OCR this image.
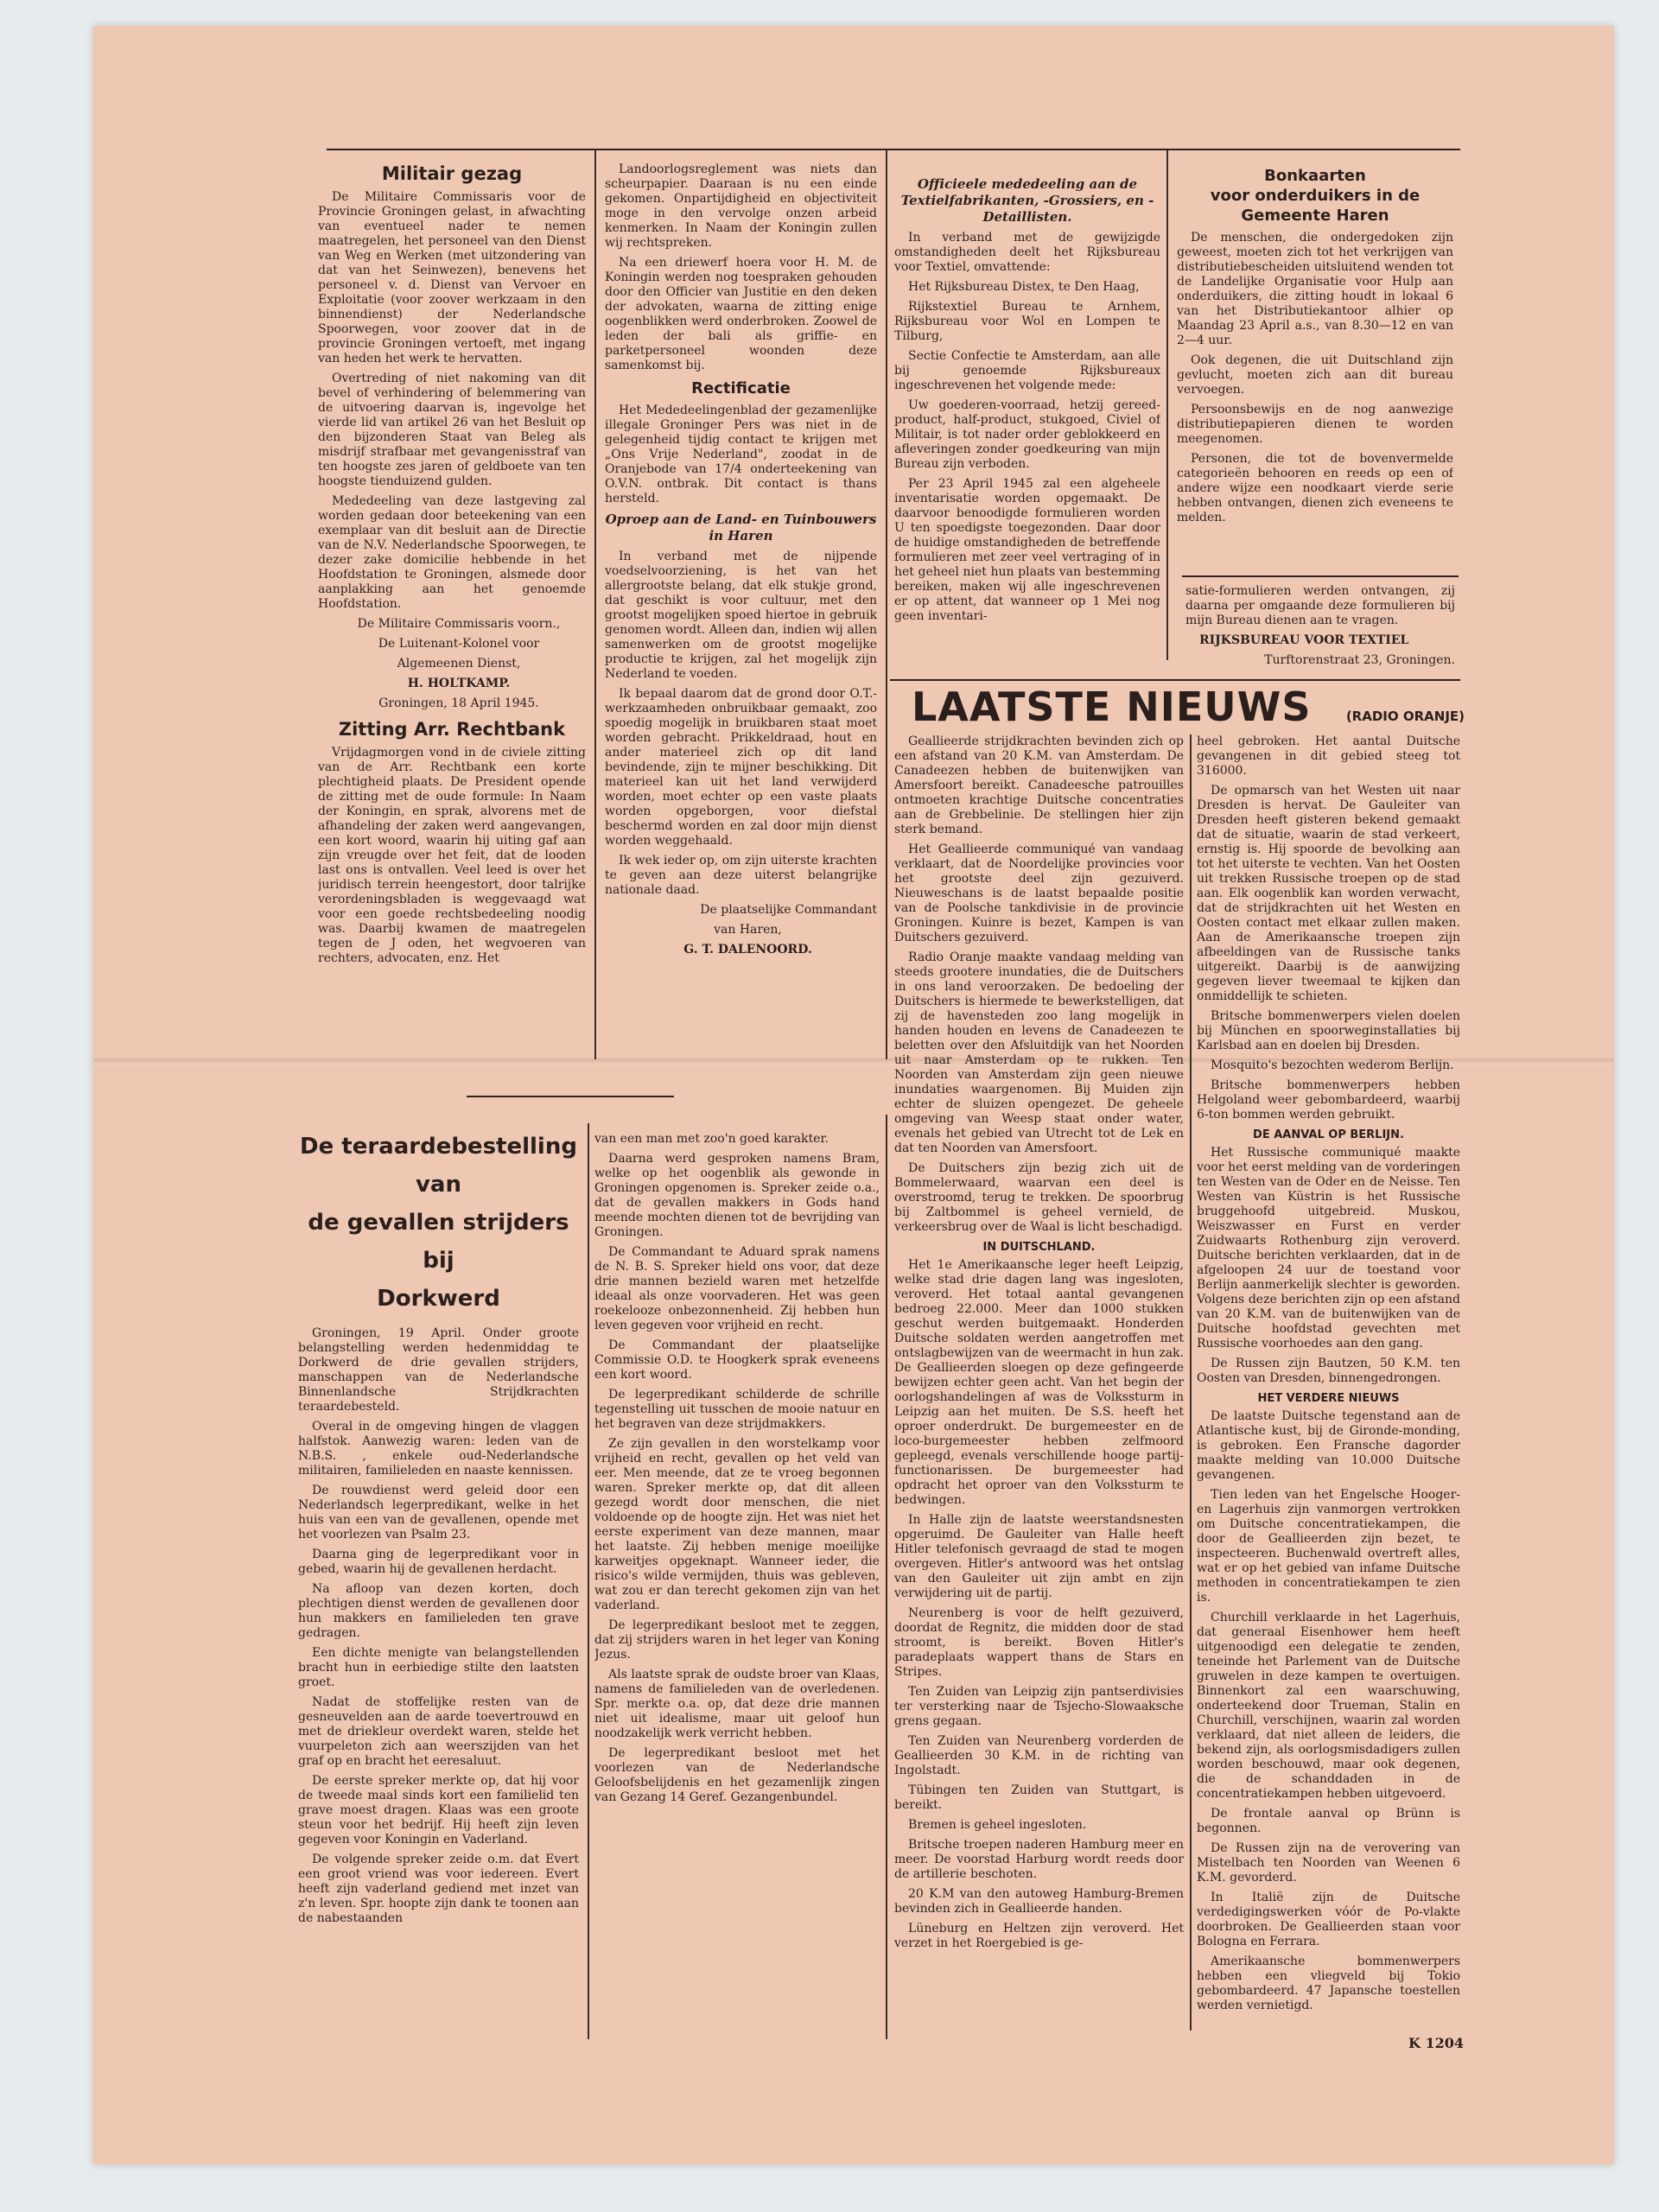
Militair gezag

De Militaire Commissaris voor de Provincie Groningen gelast, in afwachting van eventueel nader te nemen maatregelen, het personeel van den Dienst van Weg en Werken (met uitzondering van dat van het Seinwezen), benevens het personeel v. d. Dienst van Vervoer en Exploitatie (voor zoover werkzaam in den binnendienst) der Nederlandsche Spoorwegen, voor zoover dat in de provincie Groningen vertoeft, met ingang van heden het werk te hervatten.

Overtreding of niet nakoming van dit bevel of verhindering of belemmering van de uitvoering daarvan is, ingevolge het vierde lid van artikel 26 van het Besluit op den bijzonderen Staat van Beleg als misdrijf strafbaar met gevangenisstraf van ten hoogste zes jaren of geldboete van ten hoogste tienduizend gulden.

Mededeeling van deze lastgeving zal worden gedaan door beteekening van een exemplaar van dit besluit aan de Directie van de N.V. Nederlandsche Spoorwegen, te dezer zake domicilie hebbende in het Hoofdstation te Groningen, alsmede door aanplakking aan het genoemde Hoofdstation.

De Militaire Commissaris voorn.,

De Luitenant-Kolonel voor

Algemeenen Dienst,

H. HOLTKAMP.

Groningen, 18 April 1945.

Zitting Arr. Rechtbank

Vrijdagmorgen vond in de civiele zitting van de Arr. Rechtbank een korte plechtigheid plaats. De President opende de zitting met de oude formule: In Naam der Koningin, en sprak, alvorens met de afhandeling der zaken werd aangevangen, een kort woord, waarin hij uiting gaf aan zijn vreugde over het feit, dat de looden last ons is ontvallen. Veel leed is over het juridisch terrein heengestort, door talrijke verordeningsbladen is weggevaagd wat voor een goede rechtsbedeeling noodig was. Daarbij kwamen de maatregelen tegen de J oden, het wegvoeren van rechters, advocaten, enz. Het

Landoorlogsreglement was niets dan scheurpapier. Daaraan is nu een einde gekomen. Onpartijdigheid en objectiviteit moge in den vervolge onzen arbeid kenmerken. In Naam der Koningin zullen wij rechtspreken.

Na een driewerf hoera voor H. M. de Koningin werden nog toespraken gehouden door den Officier van Justitie en den deken der advokaten, waarna de zitting enige oogenblikken werd onderbroken. Zoowel de leden der bali als griffie- en parketpersoneel woonden deze samenkomst bij.

Rectificatie

Het Mededeelingenblad der gezamenlijke illegale Groninger Pers was niet in de gelegenheid tijdig contact te krijgen met „Ons Vrije Nederland", zoodat in de Oranjebode van 17/4 onderteekening van O.V.N. ontbrak. Dit contact is thans hersteld.

Oproep aan de Land- en Tuinbouwers in Haren

In verband met de nijpende voedselvoorziening, is het van het allergrootste belang, dat elk stukje grond, dat geschikt is voor cultuur, met den grootst mogelijken spoed hiertoe in gebruik genomen wordt. Alleen dan, indien wij allen samenwerken om de grootst mogelijke productie te krijgen, zal het mogelijk zijn Nederland te voeden.

Ik bepaal daarom dat de grond door O.T.-werkzaamheden onbruikbaar gemaakt, zoo spoedig mogelijk in bruikbaren staat moet worden gebracht. Prikkeldraad, hout en ander materieel zich op dit land bevindende, zijn te mijner beschikking. Dit materieel kan uit het land verwijderd worden, moet echter op een vaste plaats worden opgeborgen, voor diefstal beschermd worden en zal door mijn dienst worden weggehaald.

Ik wek ieder op, om zijn uiterste krachten te geven aan deze uiterst belangrijke nationale daad.

De plaatselijke Commandant

van Haren,

G. T. DALENOORD.

Officieele mededeeling aan de Textielfabrikanten, -Grossiers, en -Detaillisten.

In verband met de gewijzigde omstandigheden deelt het Rijksbureau voor Textiel, omvattende:

Het Rijksbureau Distex, te Den Haag,

Rijkstextiel Bureau te Arnhem, Rijksbureau voor Wol en Lompen te Tilburg,

Sectie Confectie te Amsterdam, aan alle bij genoemde Rijksbureaux ingeschrevenen het volgende mede:

Uw goederen-voorraad, hetzij gereed-product, half-product, stukgoed, Civiel of Militair, is tot nader order geblokkeerd en afleveringen zonder goedkeuring van mijn Bureau zijn verboden.

Per 23 April 1945 zal een algeheele inventarisatie worden opgemaakt. De daarvoor benoodigde formulieren worden U ten spoedigste toegezonden. Daar door de huidige omstandigheden de betreffende formulieren met zeer veel vertraging of in het geheel niet hun plaats van bestemming bereiken, maken wij alle ingeschrevenen er op attent, dat wanneer op 1 Mei nog geen inventari-

Bonkaarten
voor onderduikers in de
Gemeente Haren

De menschen, die ondergedoken zijn geweest, moeten zich tot het verkrijgen van distributiebescheiden uitsluitend wenden tot de Landelijke Organisatie voor Hulp aan onderduikers, die zitting houdt in lokaal 6 van het Distributiekantoor alhier op Maandag 23 April a.s., van 8.30—12 en van 2—4 uur.

Ook degenen, die uit Duitschland zijn gevlucht, moeten zich aan dit bureau vervoegen.

Persoonsbewijs en de nog aanwezige distributiepapieren dienen te worden meegenomen.

Personen, die tot de bovenvermelde categorieën behooren en reeds op een of andere wijze een noodkaart vierde serie hebben ontvangen, dienen zich eveneens te melden.

satie-formulieren werden ontvangen, zij daarna per omgaande deze formulieren bij mijn Bureau dienen aan te vragen.

RIJKSBUREAU VOOR TEXTIEL

Turftorenstraat 23, Groningen.

LAATSTE NIEUWS	(RADIO ORANJE)

Geallieerde strijdkrachten bevinden zich op een afstand van 20 K.M. van Amsterdam. De Canadeezen hebben de buitenwijken van Amersfoort bereikt. Canadeesche patrouilles ontmoeten krachtige Duitsche concentraties aan de Grebbelinie. De stellingen hier zijn sterk bemand.

Het Geallieerde communiqué van vandaag verklaart, dat de Noordelijke provincies voor het grootste deel zijn gezuiverd. Nieuweschans is de laatst bepaalde positie van de Poolsche tankdivisie in de provincie Groningen. Kuinre is bezet, Kampen is van Duitschers gezuiverd.

Radio Oranje maakte vandaag melding van steeds grootere inundaties, die de Duitschers in ons land veroorzaken. De bedoeling der Duitschers is hiermede te bewerkstelligen, dat zij de havensteden zoo lang mogelijk in handen houden en levens de Canadeezen te beletten over den Afsluitdijk van het Noorden uit naar Amsterdam op te rukken. Ten Noorden van Amsterdam zijn geen nieuwe inundaties waargenomen. Bij Muiden zijn echter de sluizen opengezet. De geheele omgeving van Weesp staat onder water, evenals het gebied van Utrecht tot de Lek en dat ten Noorden van Amersfoort.

De Duitschers zijn bezig zich uit de Bommelerwaard, waarvan een deel is overstroomd, terug te trekken. De spoorbrug bij Zaltbommel is geheel vernield, de verkeersbrug over de Waal is licht beschadigd.

IN DUITSCHLAND.

Het 1e Amerikaansche leger heeft Leipzig, welke stad drie dagen lang was ingesloten, veroverd. Het totaal aantal gevangenen bedroeg 22.000. Meer dan 1000 stukken geschut werden buitgemaakt. Honderden Duitsche soldaten werden aangetroffen met ontslagbewijzen van de weermacht in hun zak. De Geallieerden sloegen op deze gefingeerde bewijzen echter geen acht. Van het begin der oorlogshandelingen af was de Volkssturm in Leipzig aan het muiten. De S.S. heeft het oproer onderdrukt. De burgemeester en de loco-burgemeester hebben zelfmoord gepleegd, evenals verschillende hooge partij-functionarissen. De burgemeester had opdracht het oproer van den Volkssturm te bedwingen.

In Halle zijn de laatste weerstandsnesten opgeruimd. De Gauleiter van Halle heeft Hitler telefonisch gevraagd de stad te mogen overgeven. Hitler's antwoord was het ontslag van den Gauleiter uit zijn ambt en zijn verwijdering uit de partij.

Neurenberg is voor de helft gezuiverd, doordat de Regnitz, die midden door de stad stroomt, is bereikt. Boven Hitler's paradeplaats wappert thans de Stars en Stripes.

Ten Zuiden van Leipzig zijn pantserdivisies ter versterking naar de Tsjecho-Slowaaksche grens gegaan.

Ten Zuiden van Neurenberg vorderden de Geallieerden 30 K.M. in de richting van Ingolstadt.

Tübingen ten Zuiden van Stuttgart, is bereikt.

Bremen is geheel ingesloten.

Britsche troepen naderen Hamburg meer en meer. De voorstad Harburg wordt reeds door de artillerie beschoten.

20 K.M van den autoweg Hamburg-Bremen bevinden zich in Geallieerde handen.

Lüneburg en Heltzen zijn veroverd. Het verzet in het Roergebied is ge-

heel gebroken. Het aantal Duitsche gevangenen in dit gebied steeg tot 316000.

De opmarsch van het Westen uit naar Dresden is hervat. De Gauleiter van Dresden heeft gisteren bekend gemaakt dat de situatie, waarin de stad verkeert, ernstig is. Hij spoorde de bevolking aan tot het uiterste te vechten. Van het Oosten uit trekken Russische troepen op de stad aan. Elk oogenblik kan worden verwacht, dat de strijdkrachten uit het Westen en Oosten contact met elkaar zullen maken. Aan de Amerikaansche troepen zijn afbeeldingen van de Russische tanks uitgereikt. Daarbij is de aanwijzing gegeven liever tweemaal te kijken dan onmiddellijk te schieten.

Britsche bommenwerpers vielen doelen bij München en spoorweginstallaties bij Karlsbad aan en doelen bij Dresden.

Mosquito's bezochten wederom Berlijn.

Britsche bommenwerpers hebben Helgoland weer gebombardeerd, waarbij 6-ton bommen werden gebruikt.

DE AANVAL OP BERLIJN.

Het Russische communiqué maakte voor het eerst melding van de vorderingen ten Westen van de Oder en de Neisse. Ten Westen van Küstrin is het Russische bruggehoofd uitgebreid. Muskou, Weiszwasser en Furst en verder Zuidwaarts Rothenburg zijn veroverd. Duitsche berichten verklaarden, dat in de afgeloopen 24 uur de toestand voor Berlijn aanmerkelijk slechter is geworden. Volgens deze berichten zijn op een afstand van 20 K.M. van de buitenwijken van de Duitsche hoofdstad gevechten met Russische voorhoedes aan den gang.

De Russen zijn Bautzen, 50 K.M. ten Oosten van Dresden, binnengedrongen.

HET VERDERE NIEUWS

De laatste Duitsche tegenstand aan de Atlantische kust, bij de Gironde-monding, is gebroken. Een Fransche dagorder maakte melding van 10.000 Duitsche gevangenen.

Tien leden van het Engelsche Hooger- en Lagerhuis zijn vanmorgen vertrokken om Duitsche concentratiekampen, die door de Geallieerden zijn bezet, te inspecteeren. Buchenwald overtreft alles, wat er op het gebied van infame Duitsche methoden in concentratiekampen te zien is.

Churchill verklaarde in het Lagerhuis, dat generaal Eisenhower hem heeft uitgenoodigd een delegatie te zenden, teneinde het Parlement van de Duitsche gruwelen in deze kampen te overtuigen. Binnenkort zal een waarschuwing, onderteekend door Trueman, Stalin en Churchill, verschijnen, waarin zal worden verklaard, dat niet alleen de leiders, die bekend zijn, als oorlogsmisdadigers zullen worden beschouwd, maar ook degenen, die de schanddaden in de concentratiekampen hebben uitgevoerd.

De frontale aanval op Brünn is begonnen.

De Russen zijn na de verovering van Mistelbach ten Noorden van Weenen 6 K.M. gevorderd.

In Italië zijn de Duitsche verdedigingswerken vóór de Po-vlakte doorbroken. De Geallieerden staan voor Bologna en Ferrara.

Amerikaansche bommenwerpers hebben een vliegveld bij Tokio gebombardeerd. 47 Japansche toestellen werden vernietigd.

K 1204
De teraardebestelling van
de gevallen strijders bij
Dorkwerd

Groningen, 19 April. Onder groote belangstelling werden hedenmiddag te Dorkwerd de drie gevallen strijders, manschappen van de Nederlandsche Binnenlandsche Strijdkrachten teraardebesteld.

Overal in de omgeving hingen de vlaggen halfstok. Aanwezig waren: leden van de N.B.S. , enkele oud-Nederlandsche militairen, familieleden en naaste kennissen.

De rouwdienst werd geleid door een Nederlandsch legerpredikant, welke in het huis van een van de gevallenen, opende met het voorlezen van Psalm 23.

Daarna ging de legerpredikant voor in gebed, waarin hij de gevallenen herdacht.

Na afloop van dezen korten, doch plechtigen dienst werden de gevallenen door hun makkers en familieleden ten grave gedragen.

Een dichte menigte van belangstellenden bracht hun in eerbiedige stilte den laatsten groet.

Nadat de stoffelijke resten van de gesneuvelden aan de aarde toevertrouwd en met de driekleur overdekt waren, stelde het vuurpeleton zich aan weerszijden van het graf op en bracht het eeresaluut.

De eerste spreker merkte op, dat hij voor de tweede maal sinds kort een familielid ten grave moest dragen. Klaas was een groote steun voor het bedrijf. Hij heeft zijn leven gegeven voor Koningin en Vaderland.

De volgende spreker zeide o.m. dat Evert een groot vriend was voor iedereen. Evert heeft zijn vaderland gediend met inzet van z'n leven. Spr. hoopte zijn dank te toonen aan de nabestaanden

van een man met zoo'n goed karakter.

Daarna werd gesproken namens Bram, welke op het oogenblik als gewonde in Groningen opgenomen is. Spreker zeide o.a., dat de gevallen makkers in Gods hand meende mochten dienen tot de bevrijding van Groningen.

De Commandant te Aduard sprak namens de N. B. S. Spreker hield ons voor, dat deze drie mannen bezield waren met hetzelfde ideaal als onze voorvaderen. Het was geen roekelooze onbezonnenheid. Zij hebben hun leven gegeven voor vrijheid en recht.

De Commandant der plaatselijke Commissie O.D. te Hoogkerk sprak eveneens een kort woord.

De legerpredikant schilderde de schrille tegenstelling uit tusschen de mooie natuur en het begraven van deze strijdmakkers.

Ze zijn gevallen in den worstelkamp voor vrijheid en recht, gevallen op het veld van eer. Men meende, dat ze te vroeg begonnen waren. Spreker merkte op, dat dit alleen gezegd wordt door menschen, die niet voldoende op de hoogte zijn. Het was niet het eerste experiment van deze mannen, maar het laatste. Zij hebben menige moeilijke karweitjes opgeknapt. Wanneer ieder, die risico's wilde vermijden, thuis was gebleven, wat zou er dan terecht gekomen zijn van het vaderland.

De legerpredikant besloot met te zeggen, dat zij strijders waren in het leger van Koning Jezus.

Als laatste sprak de oudste broer van Klaas, namens de familieleden van de overledenen. Spr. merkte o.a. op, dat deze drie mannen niet uit idealisme, maar uit geloof hun noodzakelijk werk verricht hebben.

De legerpredikant besloot met het voorlezen van de Nederlandsche Geloofsbelijdenis en het gezamenlijk zingen van Gezang 14 Geref. Gezangenbundel.
